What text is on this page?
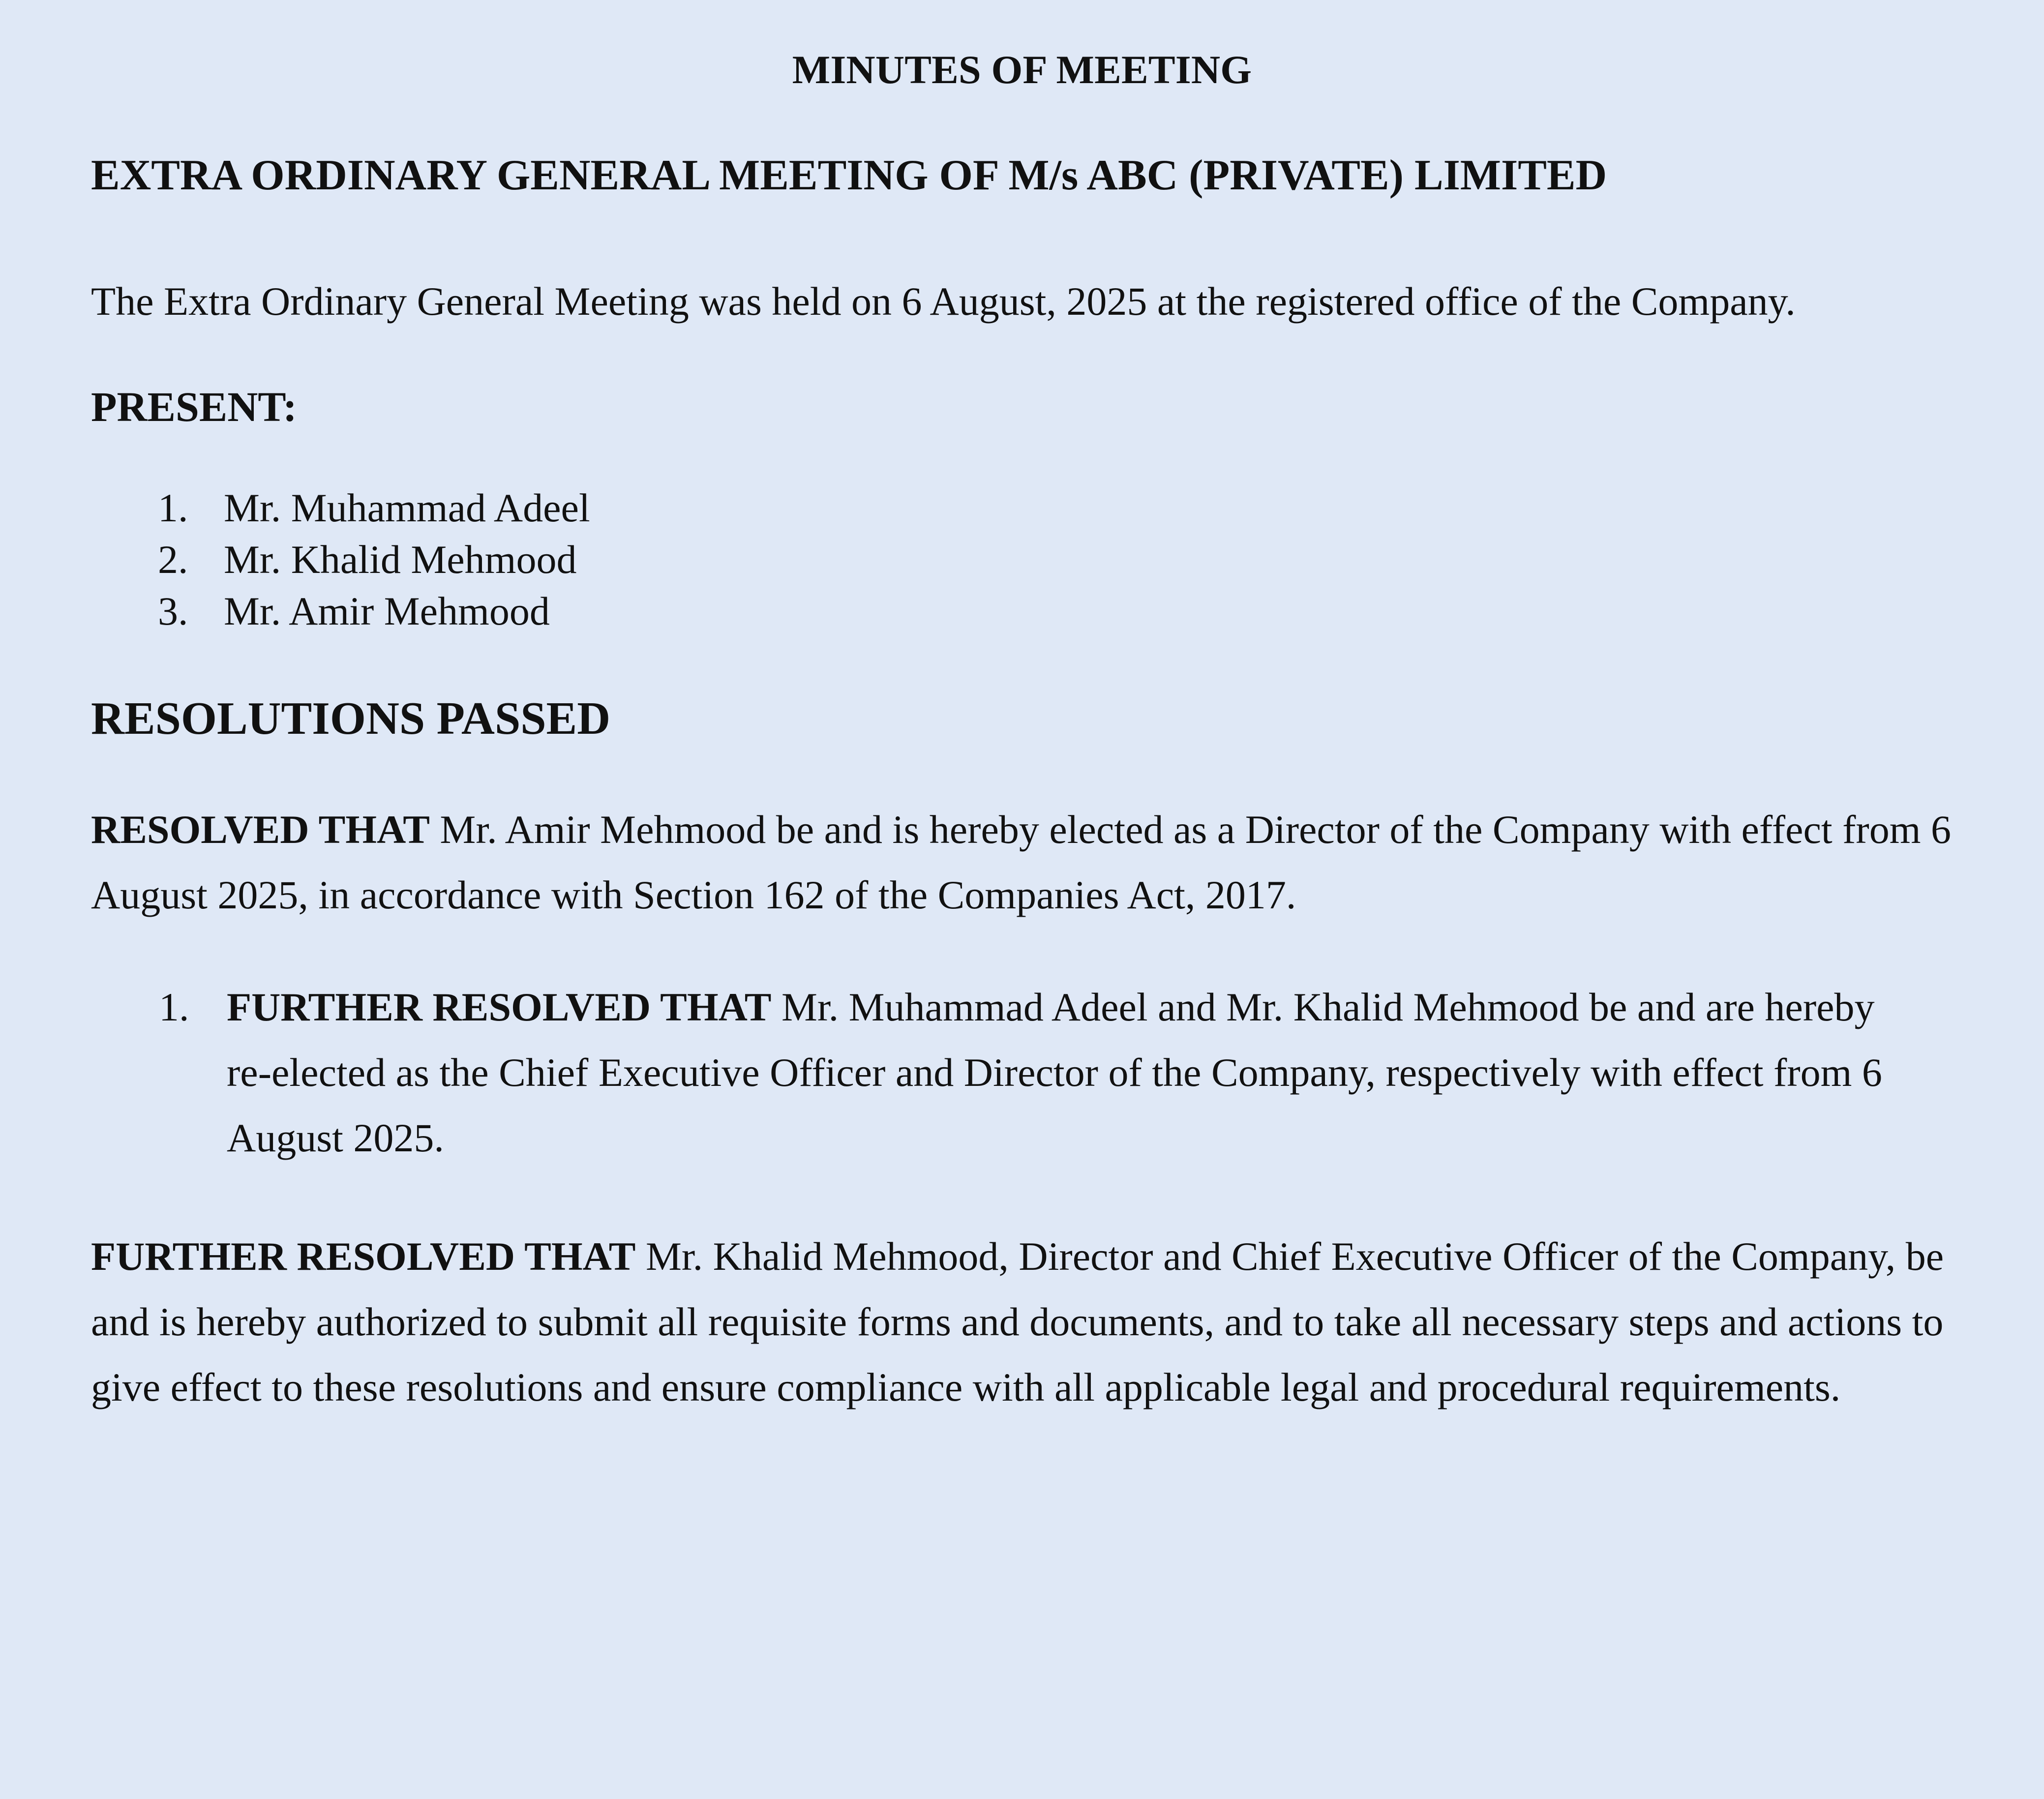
MINUTES OF MEETING
EXTRA ORDINARY GENERAL MEETING OF M/s ABC (PRIVATE) LIMITED

The Extra Ordinary General Meeting was held on 6 August, 2025 at the registered office of the Company.

PRESENT:
1. Mr. Muhammad Adeel
2. Mr. Khalid Mehmood
3. Mr. Amir Mehmood
RESOLUTIONS PASSED

RESOLVED THAT Mr. Amir Mehmood be and is hereby elected as a Director of the Company with effect from 6 August 2025, in accordance with Section 162 of the Companies Act, 2017.

1. FURTHER RESOLVED THAT Mr. Muhammad Adeel and Mr. Khalid Mehmood be and are hereby re-elected as the Chief Executive Officer and Director of the Company, respectively with effect from 6 August 2025.

FURTHER RESOLVED THAT Mr. Khalid Mehmood, Director and Chief Executive Officer of the Company, be and is hereby authorized to submit all requisite forms and documents, and to take all necessary steps and actions to give effect to these resolutions and ensure compliance with all applicable legal and procedural requirements.
